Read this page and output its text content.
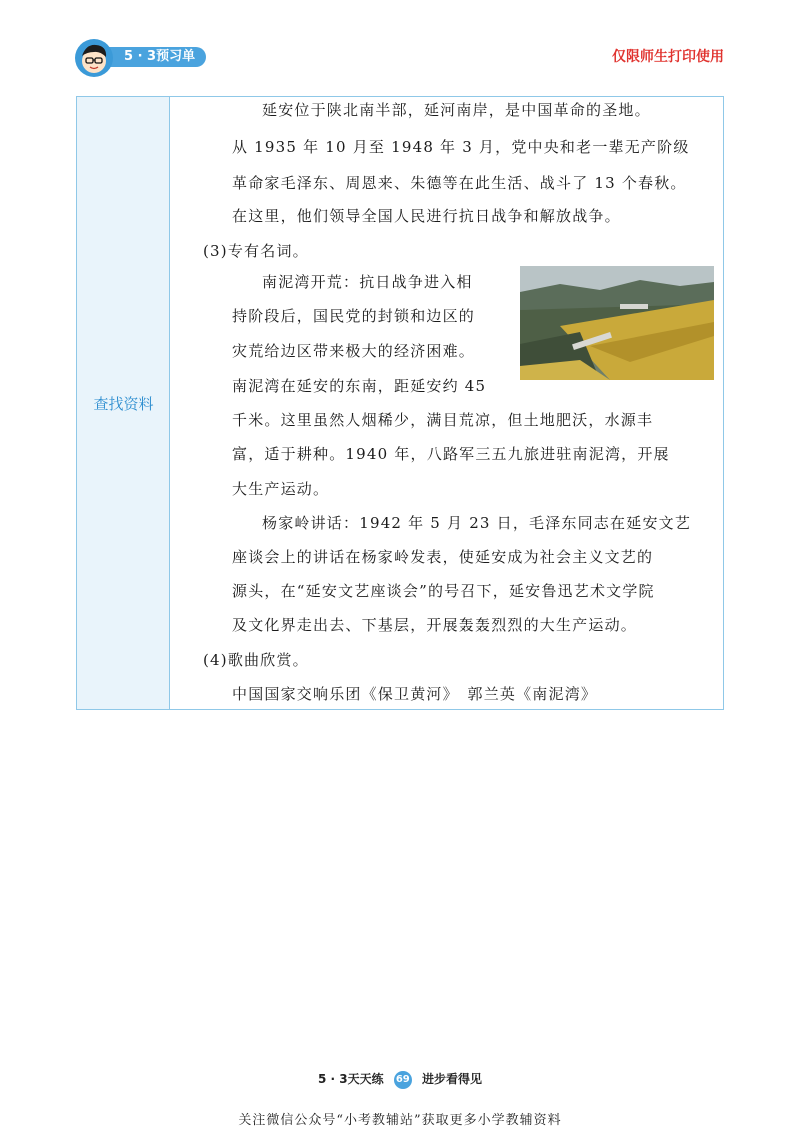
5 · 3预习单	仅限师生打印使用
查找资料
延安位于陕北南半部，延河南岸，是中国革命的圣地。
从 1935 年 10 月至 1948 年 3 月，党中央和老一辈无产阶级
革命家毛泽东、周恩来、朱德等在此生活、战斗了 13 个春秋。
在这里，他们领导全国人民进行抗日战争和解放战争。
(3)专有名词。
南泥湾开荒：抗日战争进入相
持阶段后，国民党的封锁和边区的
灾荒给边区带来极大的经济困难。
南泥湾在延安的东南，距延安约 45
千米。这里虽然人烟稀少，满目荒凉，但土地肥沃，水源丰
富，适于耕种。1940 年，八路军三五九旅进驻南泥湾，开展
大生产运动。
杨家岭讲话：1942 年 5 月 23 日，毛泽东同志在延安文艺
座谈会上的讲话在杨家岭发表，使延安成为社会主义文艺的
源头，在“延安文艺座谈会”的号召下，延安鲁迅艺术文学院
及文化界走出去、下基层，开展轰轰烈烈的大生产运动。
(4)歌曲欣赏。
中国国家交响乐团《保卫黄河》　郭兰英《南泥湾》
5 · 3天天练 69 进步看得见
关注微信公众号“小考教辅站”获取更多小学教辅资料
